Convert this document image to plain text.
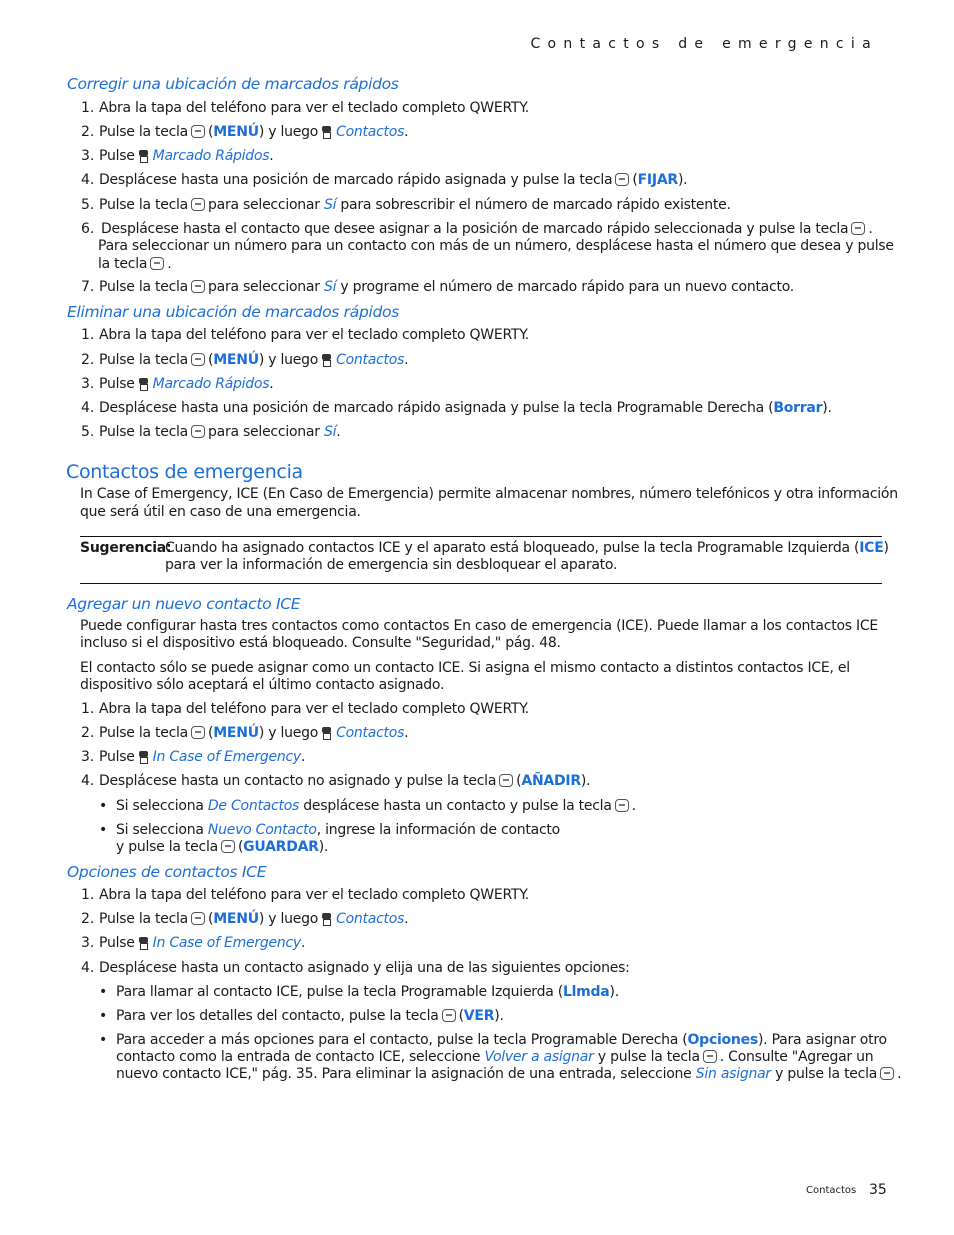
Contactos de emergencia
Corregir una ubicación de marcados rápidos
1. Abra la tapa del teléfono para ver el teclado completo QWERTY.
2. Pulse la tecla (MENÚ) y luego Contactos.
3. Pulse Marcado Rápidos.
4. Desplácese hasta una posición de marcado rápido asignada y pulse la tecla (FIJAR).
5. Pulse la tecla para seleccionar Sí para sobrescribir el número de marcado rápido existente.
6. Desplácese hasta el contacto que desee asignar a la posición de marcado rápido seleccionada y pulse la tecla .
Para seleccionar un número para un contacto con más de un número, desplácese hasta el número que desea y pulse
la tecla .
7. Pulse la tecla para seleccionar Sí y programe el número de marcado rápido para un nuevo contacto.
Eliminar una ubicación de marcados rápidos
1. Abra la tapa del teléfono para ver el teclado completo QWERTY.
2. Pulse la tecla (MENÚ) y luego Contactos.
3. Pulse Marcado Rápidos.
4. Desplácese hasta una posición de marcado rápido asignada y pulse la tecla Programable Derecha (Borrar).
5. Pulse la tecla para seleccionar Sí.
Contactos de emergencia
In Case of Emergency, ICE (En Caso de Emergencia) permite almacenar nombres, número telefónicos y otra información
que será útil en caso de una emergencia.
Sugerencia:
Cuando ha asignado contactos ICE y el aparato está bloqueado, pulse la tecla Programable Izquierda (ICE)
para ver la información de emergencia sin desbloquear el aparato.
Agregar un nuevo contacto ICE
Puede configurar hasta tres contactos como contactos En caso de emergencia (ICE). Puede llamar a los contactos ICE
incluso si el dispositivo está bloqueado. Consulte "Seguridad," pág. 48.
El contacto sólo se puede asignar como un contacto ICE. Si asigna el mismo contacto a distintos contactos ICE, el
dispositivo sólo aceptará el último contacto asignado.
1. Abra la tapa del teléfono para ver el teclado completo QWERTY.
2. Pulse la tecla (MENÚ) y luego Contactos.
3. Pulse In Case of Emergency.
4. Desplácese hasta un contacto no asignado y pulse la tecla (AÑADIR).
• Si selecciona De Contactos desplácese hasta un contacto y pulse la tecla .
• Si selecciona Nuevo Contacto, ingrese la información de contacto
y pulse la tecla (GUARDAR).
Opciones de contactos ICE
1. Abra la tapa del teléfono para ver el teclado completo QWERTY.
2. Pulse la tecla (MENÚ) y luego Contactos.
3. Pulse In Case of Emergency.
4. Desplácese hasta un contacto asignado y elija una de las siguientes opciones:
• Para llamar al contacto ICE, pulse la tecla Programable Izquierda (Llmda).
• Para ver los detalles del contacto, pulse la tecla (VER).
• Para acceder a más opciones para el contacto, pulse la tecla Programable Derecha (Opciones). Para asignar otro
contacto como la entrada de contacto ICE, seleccione Volver a asignar y pulse la tecla . Consulte "Agregar un
nuevo contacto ICE," pág. 35. Para eliminar la asignación de una entrada, seleccione Sin asignar y pulse la tecla .
Contactos 35
